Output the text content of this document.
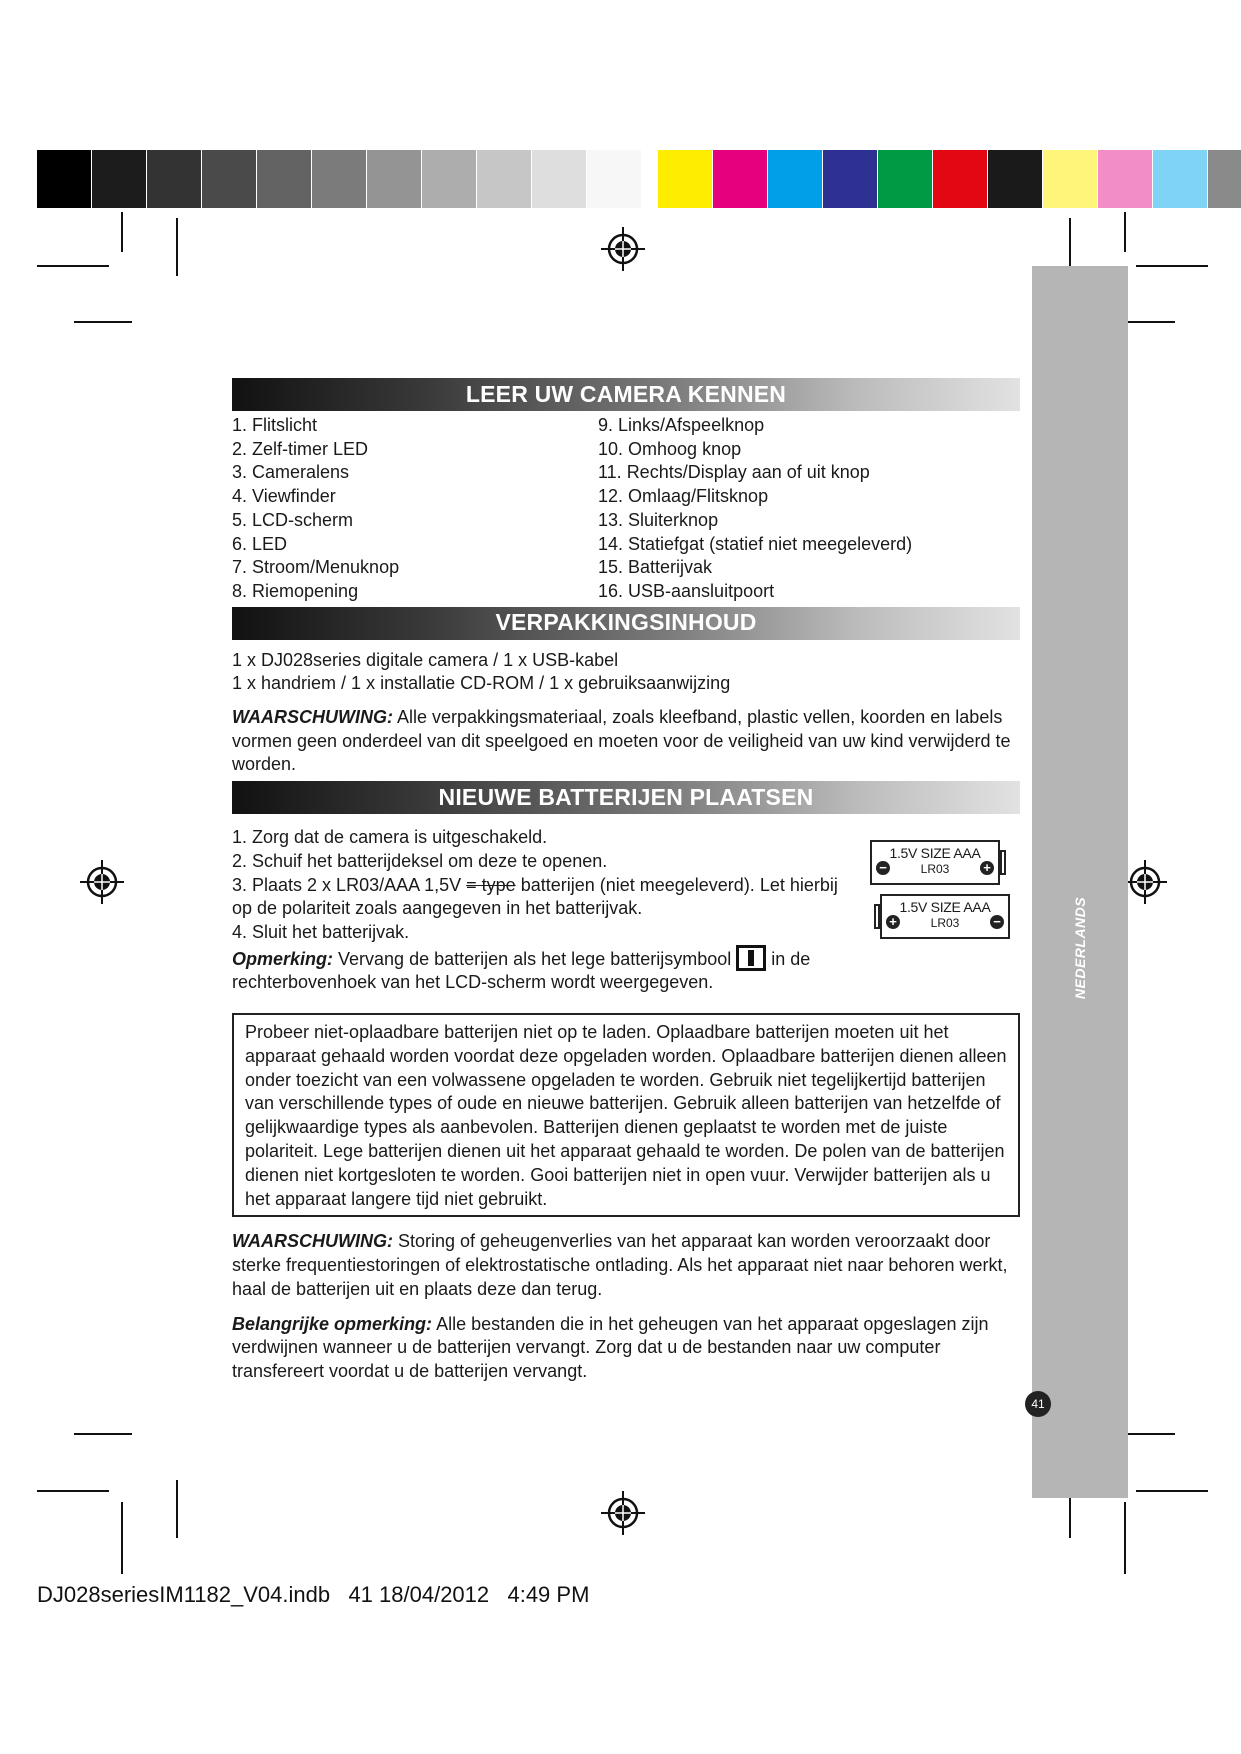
NEDERLANDS
41
LEER UW CAMERA KENNEN
1. Flitslicht
2. Zelf-timer LED
3. Cameralens
4. Viewfinder
5. LCD-scherm
6. LED
7. Stroom/Menuknop
8. Riemopening
9. Links/Afspeelknop
10. Omhoog knop
11. Rechts/Display aan of uit knop
12. Omlaag/Flitsknop
13. Sluiterknop
14. Statiefgat (statief niet meegeleverd)
15. Batterijvak
16. USB-aansluitpoort
VERPAKKINGSINHOUD
1 x DJ028series digitale camera / 1 x USB-kabel
1 x handriem / 1 x installatie CD-ROM / 1 x gebruiksaanwijzing

WAARSCHUWING: Alle verpakkingsmateriaal, zoals kleefband, plastic vellen, koorden en labels vormen geen onderdeel van dit speelgoed en moeten voor de veiligheid van uw kind verwijderd te worden.

NIEUWE BATTERIJEN PLAATSEN
1. Zorg dat de camera is uitgeschakeld.
2. Schuif het batterijdeksel om deze te openen.
3. Plaats 2 x LR03/AAA 1,5V = type batterijen (niet meegeleverd). Let hierbij
op de polariteit zoals aangegeven in het batterijvak.
4. Sluit het batterijvak.
Opmerking: Vervang de batterijen als het lege batterijsymbool  in de
rechterbovenhoek van het LCD-scherm wordt weergegeven.
1.5V SIZE AAA
−	LR03	+
1.5V SIZE AAA
+	LR03	−
Probeer niet-oplaadbare batterijen niet op te laden. Oplaadbare batterijen moeten uit het apparaat gehaald worden voordat deze opgeladen worden. Oplaadbare batterijen dienen alleen onder toezicht van een volwassene opgeladen te worden. Gebruik niet tegelijkertijd batterijen van verschillende types of oude en nieuwe batterijen. Gebruik alleen batterijen van hetzelfde of gelijkwaardige types als aanbevolen. Batterijen dienen geplaatst te worden met de juiste polariteit. Lege batterijen dienen uit het apparaat gehaald te worden. De polen van de batterijen dienen niet kortgesloten te worden. Gooi batterijen niet in open vuur. Verwijder batterijen als u het apparaat langere tijd niet gebruikt.

WAARSCHUWING: Storing of geheugenverlies van het apparaat kan worden veroorzaakt door sterke frequentiestoringen of elektrostatische ontlading. Als het apparaat niet naar behoren werkt, haal de batterijen uit en plaats deze dan terug.

Belangrijke opmerking: Alle bestanden die in het geheugen van het apparaat opgeslagen zijn verdwijnen wanneer u de batterijen vervangt. Zorg dat u de bestanden naar uw computer transfereert voordat u de batterijen vervangt.

DJ028seriesIM1182_V04.indb   41 18/04/2012   4:49 PM
